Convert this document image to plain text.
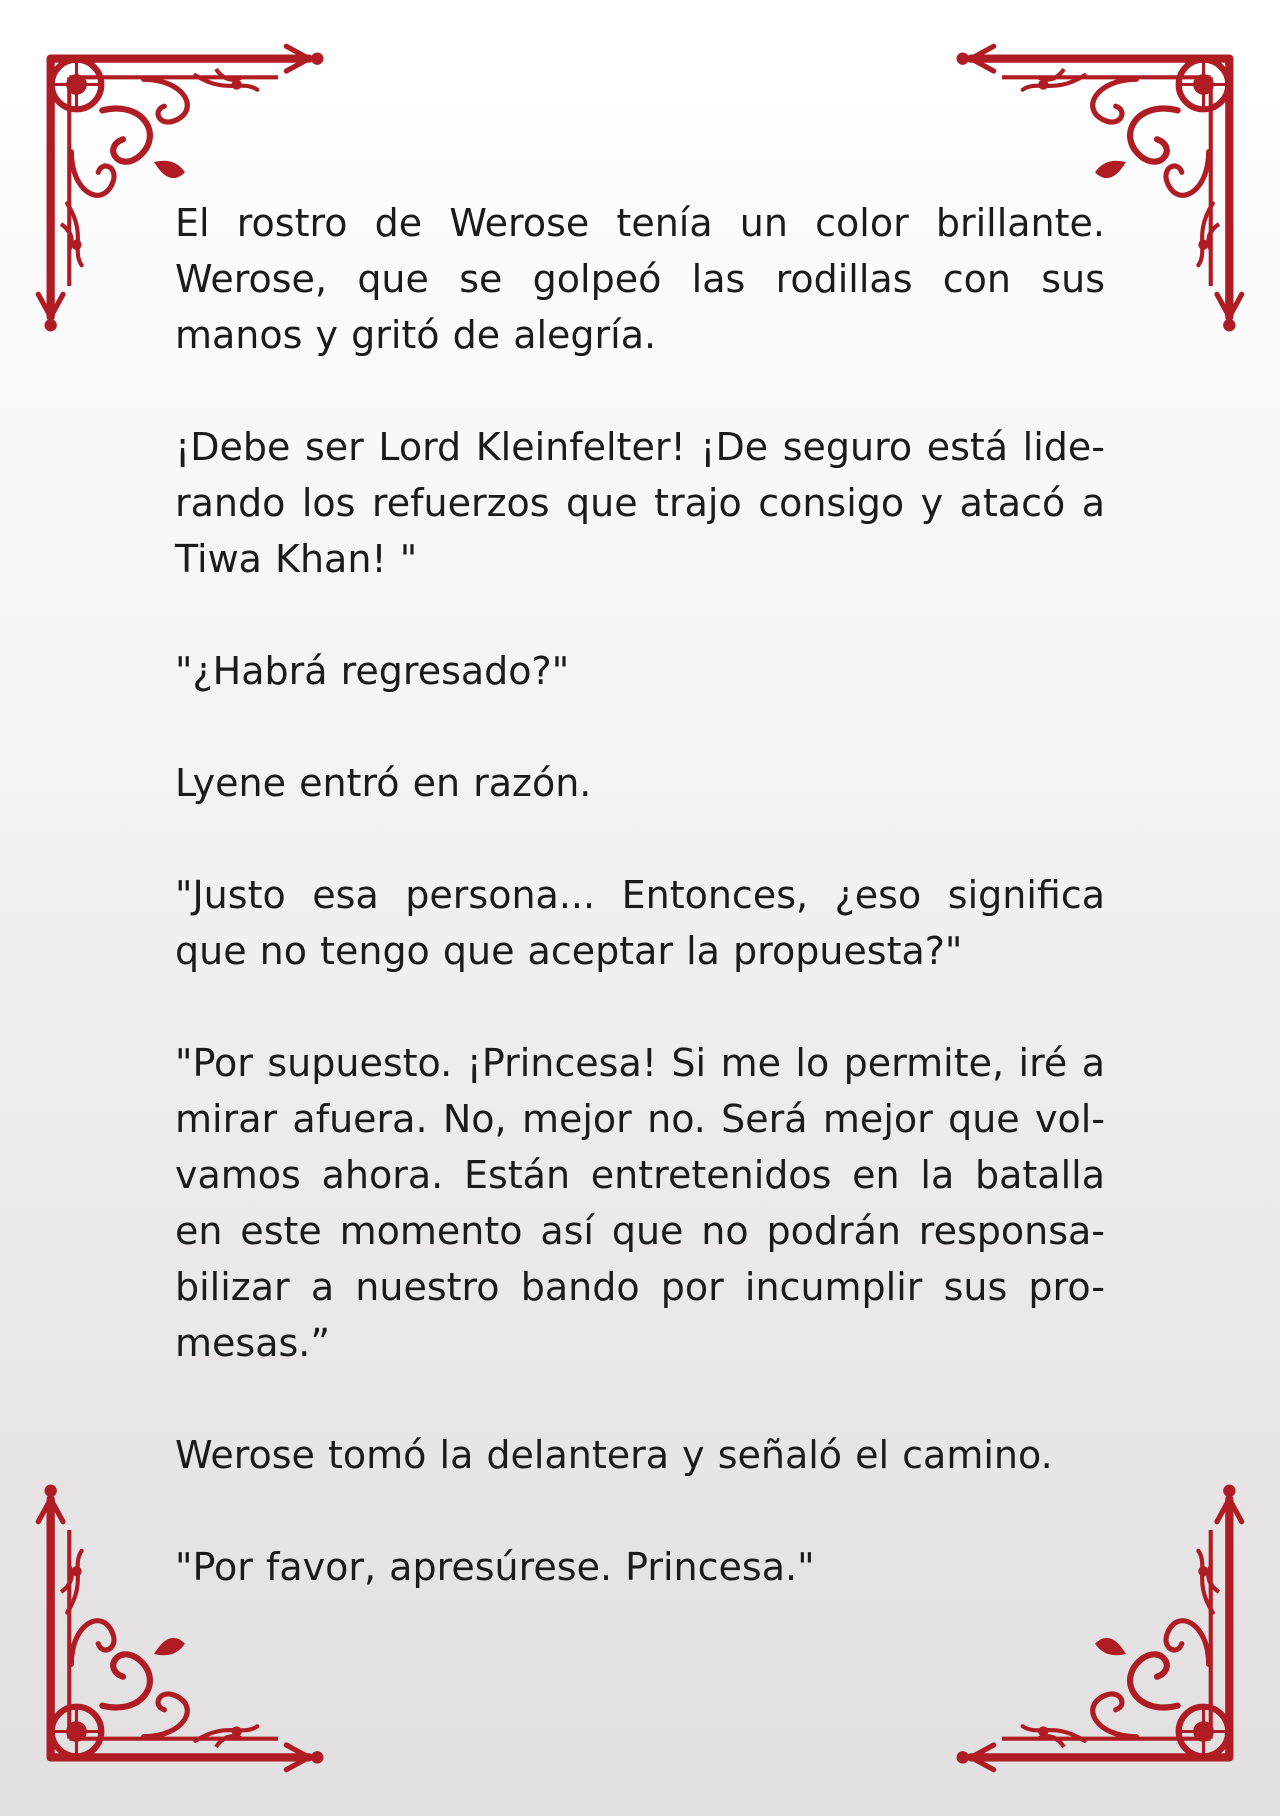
El rostro de Werose tenía un color brillante. Werose, que se golpeó las rodillas con sus manos y gritó de alegría.

¡Debe ser Lord Kleinfelter! ¡De seguro está lide-rando los refuerzos que trajo consigo y atacó a Tiwa Khan! "

"¿Habrá regresado?"

Lyene entró en razón.

"Justo esa persona... Entonces, ¿eso significa que no tengo que aceptar la propuesta?"

"Por supuesto. ¡Princesa! Si me lo permite, iré a mirar afuera. No, mejor no. Será mejor que vol-vamos ahora. Están entretenidos en la batalla en este momento así que no podrán responsa-bilizar a nuestro bando por incumplir sus pro-mesas.”

Werose tomó la delantera y señaló el camino.

"Por favor, apresúrese. Princesa."
